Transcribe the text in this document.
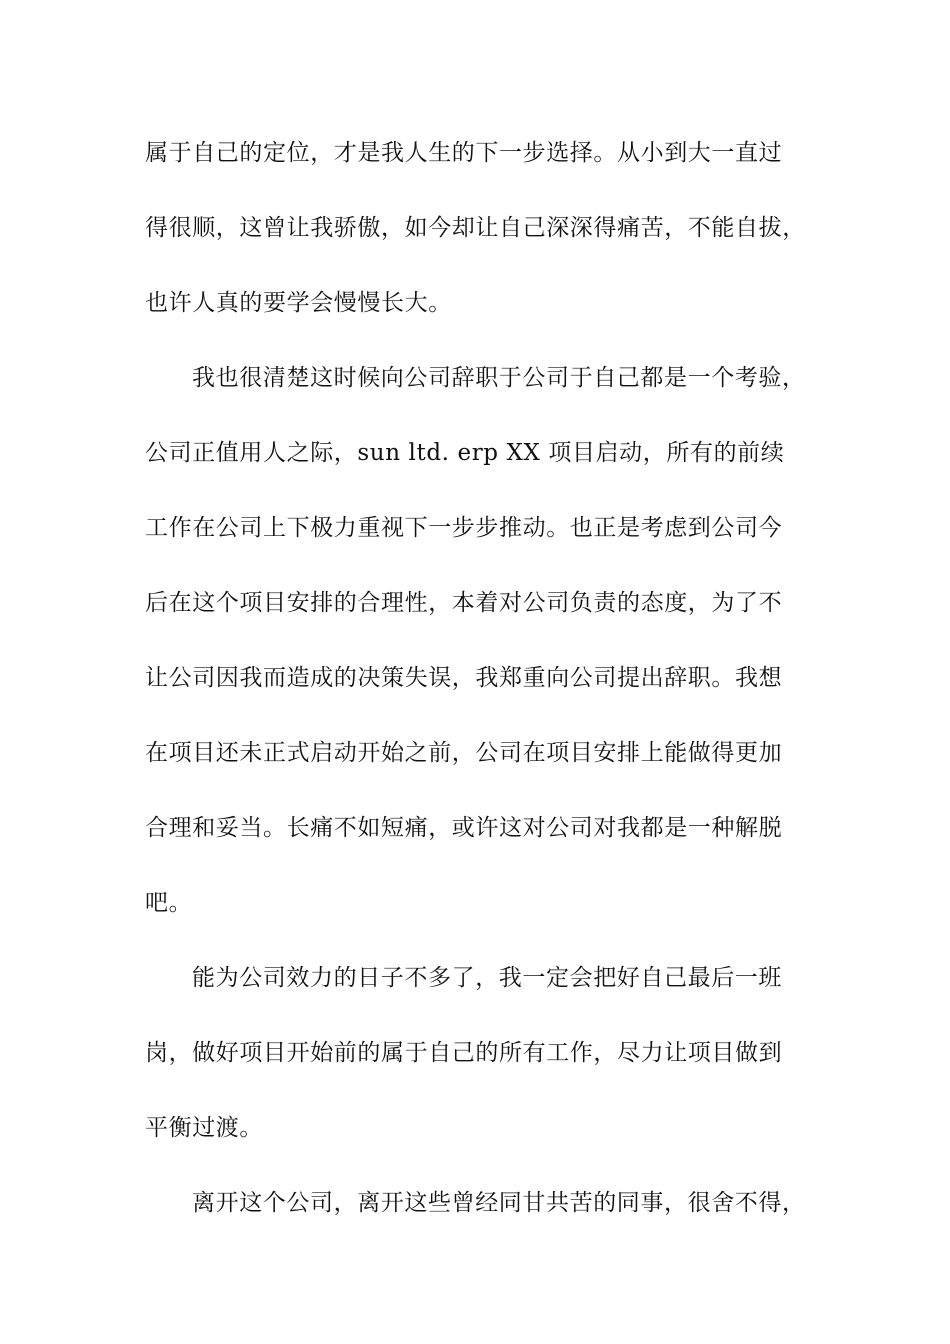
属于自己的定位，才是我人生的下一步选择。从小到大一直过
得很顺，这曾让我骄傲，如今却让自己深深得痛苦，不能自拔，
也许人真的要学会慢慢长大。
我也很清楚这时候向公司辞职于公司于自己都是一个考验，
公司正值用人之际，sun ltd. erp XX 项目启动，所有的前续
工作在公司上下极力重视下一步步推动。也正是考虑到公司今
后在这个项目安排的合理性，本着对公司负责的态度，为了不
让公司因我而造成的决策失误，我郑重向公司提出辞职。我想
在项目还未正式启动开始之前，公司在项目安排上能做得更加
合理和妥当。长痛不如短痛，或许这对公司对我都是一种解脱
吧。
能为公司效力的日子不多了，我一定会把好自己最后一班
岗，做好项目开始前的属于自己的所有工作，尽力让项目做到
平衡过渡。
离开这个公司，离开这些曾经同甘共苦的同事，很舍不得，
